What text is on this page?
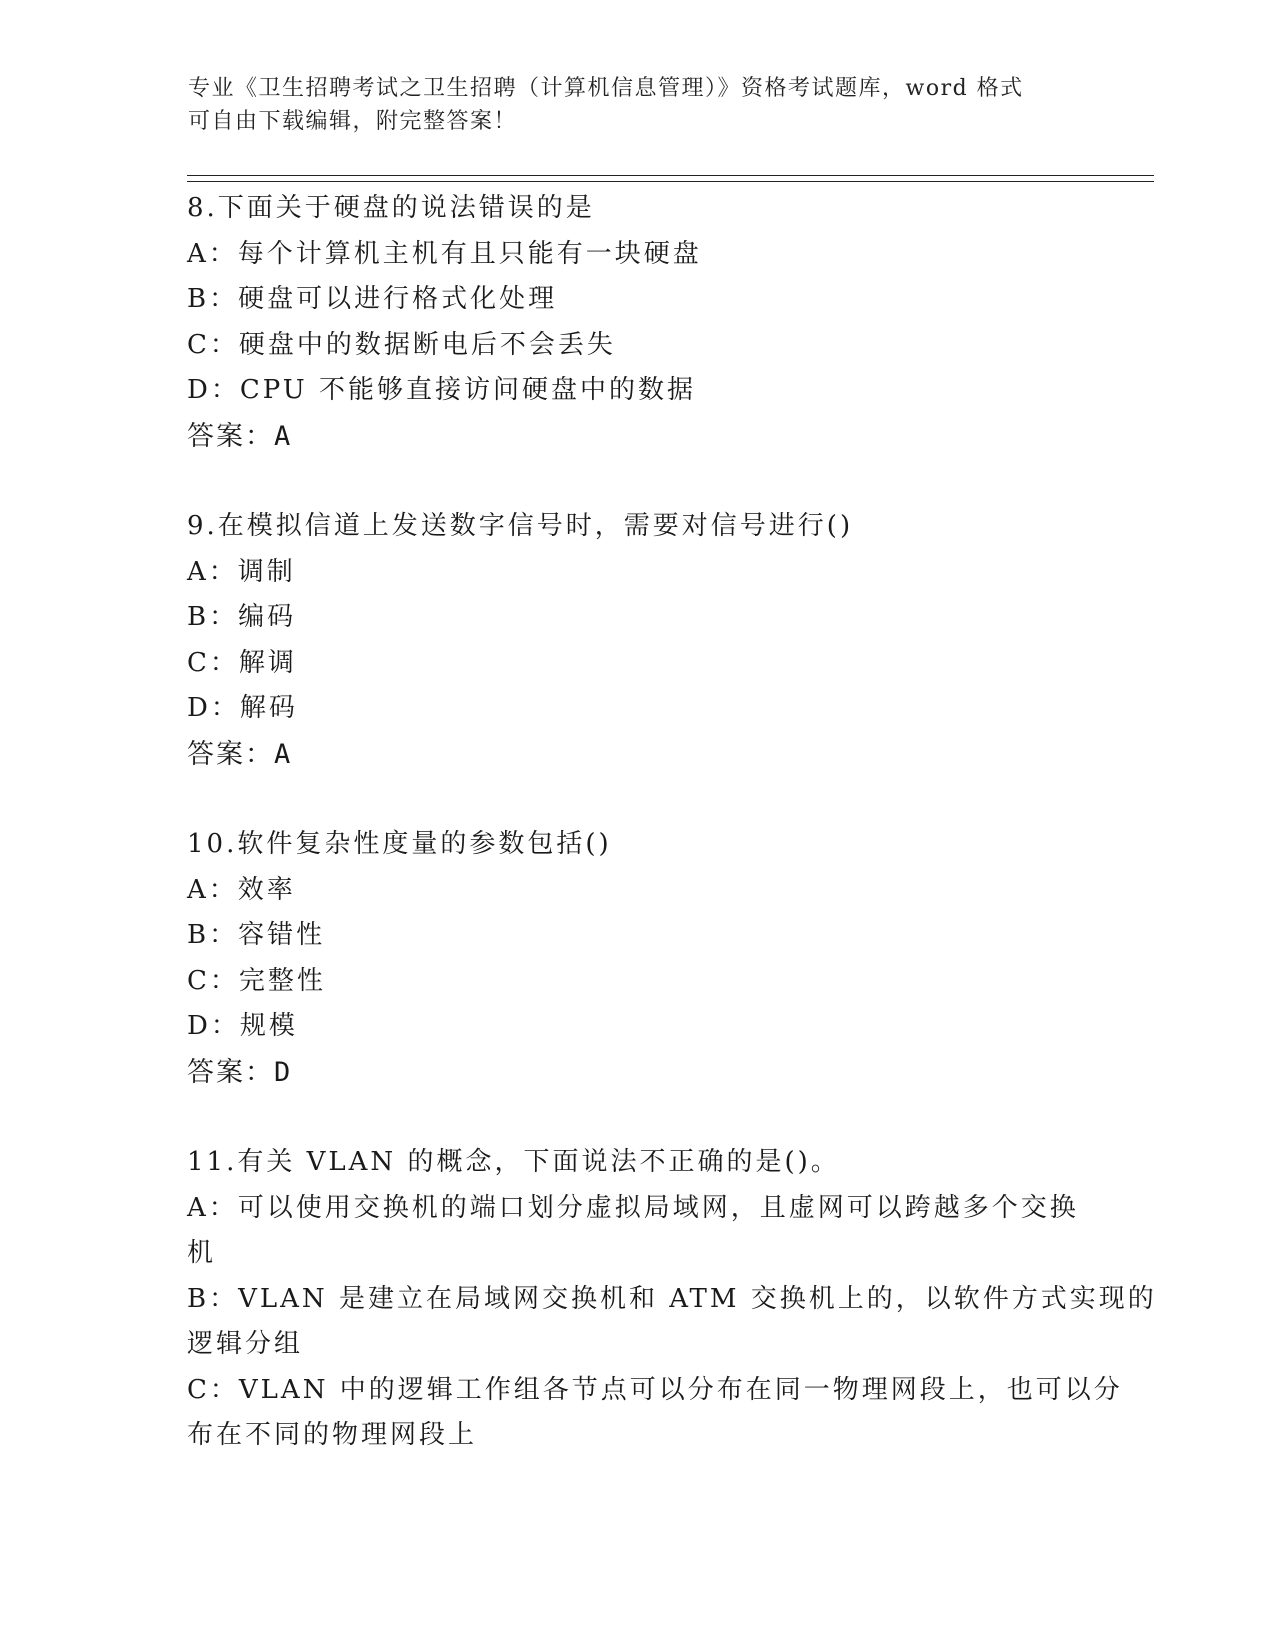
专业《卫生招聘考试之卫生招聘（计算机信息管理）》资格考试题库，word 格式
可自由下载编辑，附完整答案！
8.下面关于硬盘的说法错误的是
A：每个计算机主机有且只能有一块硬盘
B：硬盘可以进行格式化处理
C：硬盘中的数据断电后不会丢失
D：CPU 不能够直接访问硬盘中的数据
答案：A
9.在模拟信道上发送数字信号时，需要对信号进行()
A：调制
B：编码
C：解调
D：解码
答案：A
10.软件复杂性度量的参数包括()
A：效率
B：容错性
C：完整性
D：规模
答案：D
11.有关 VLAN 的概念，下面说法不正确的是()。
A：可以使用交换机的端口划分虚拟局域网，且虚网可以跨越多个交换
机
B：VLAN 是建立在局域网交换机和 ATM 交换机上的，以软件方式实现的
逻辑分组
C：VLAN 中的逻辑工作组各节点可以分布在同一物理网段上，也可以分
布在不同的物理网段上
